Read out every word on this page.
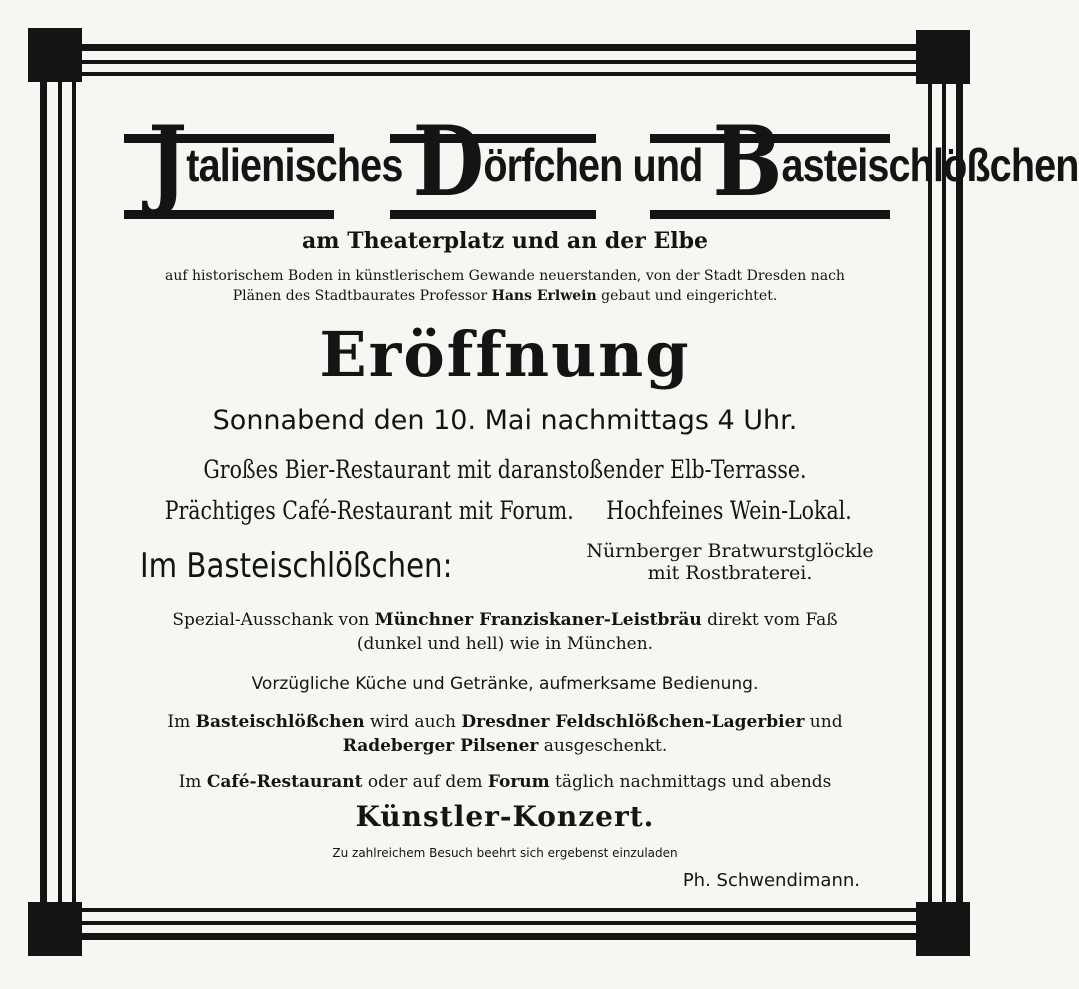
Jtalienisches Dörfchen und Basteischlößchen
am Theaterplatz und an der Elbe
auf historischem Boden in künstlerischem Gewande neuerstanden, von der Stadt Dresden nach
Plänen des Stadtbaurates Professor Hans Erlwein gebaut und eingerichtet.
Eröffnung
Sonnabend den 10. Mai nachmittags 4 Uhr.
Großes Bier-Restaurant mit daranstoßender Elb-Terrasse.
Prächtiges Café-Restaurant mit Forum.     Hochfeines Wein-Lokal.
Im Basteischlößchen:	Nürnberger Bratwurstglöckle
mit Rostbraterei.
Spezial-Ausschank von Münchner Franziskaner-Leistbräu direkt vom Faß
(dunkel und hell) wie in München.
Vorzügliche Küche und Getränke, aufmerksame Bedienung.
Im Basteischlößchen wird auch Dresdner Feldschlößchen-Lagerbier und
Radeberger Pilsener ausgeschenkt.
Im Café-Restaurant oder auf dem Forum täglich nachmittags und abends
Künstler-Konzert.
Zu zahlreichem Besuch beehrt sich ergebenst einzuladen
Ph. Schwendimann.
